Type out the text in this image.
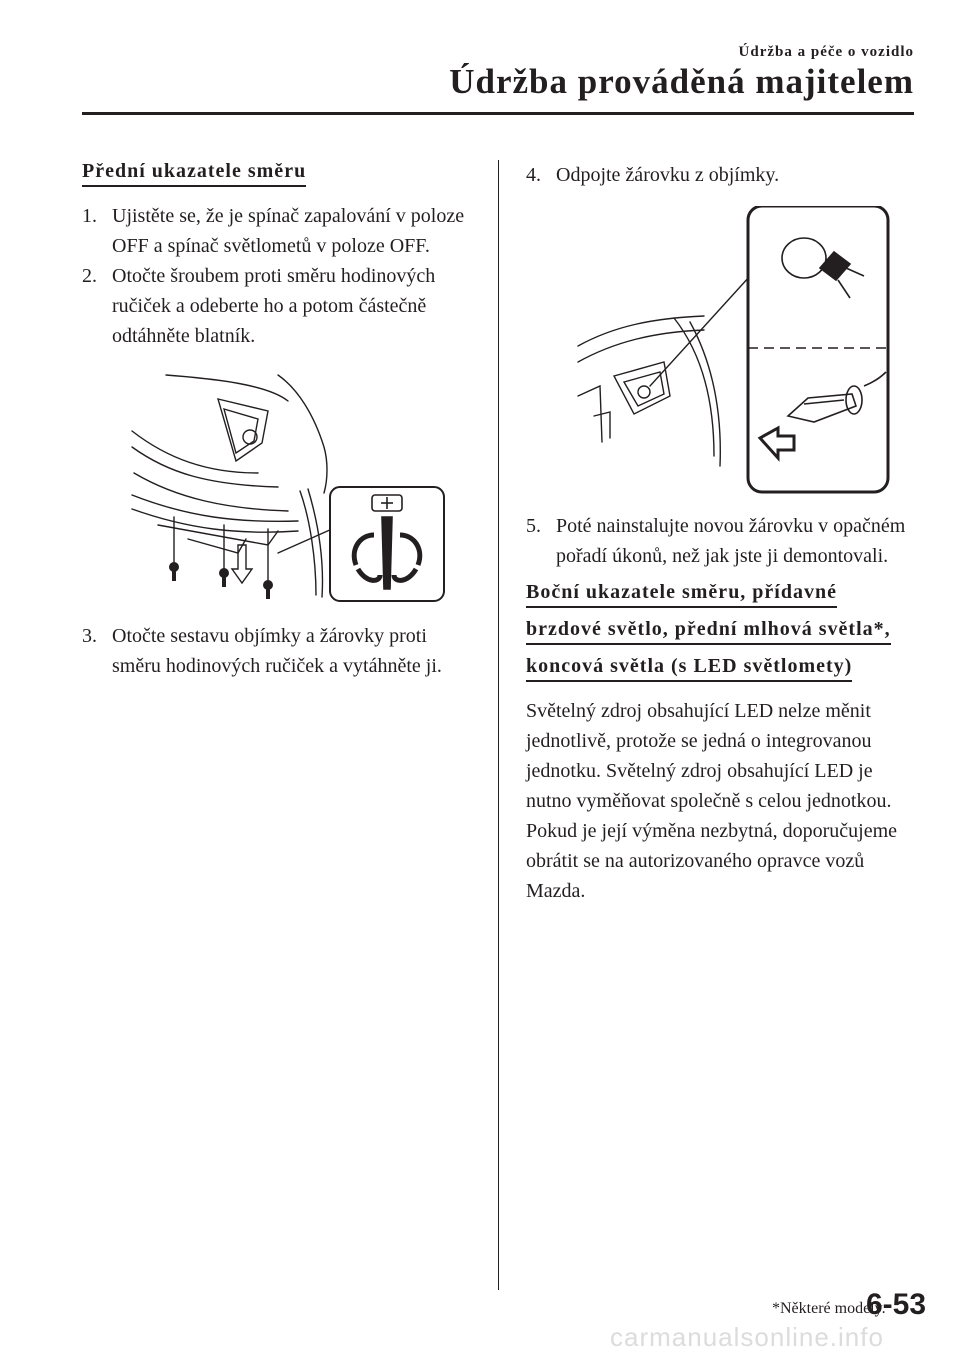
Údržba a péče o vozidlo
Údržba prováděná majitelem
Přední ukazatele směru
1. Ujistěte se, že je spínač zapalování v poloze OFF a spínač světlometů v poloze OFF.
2. Otočte šroubem proti směru hodinových ručiček a odeberte ho a potom částečně odtáhněte blatník.
3. Otočte sestavu objímky a žárovky proti směru hodinových ručiček a vytáhněte ji.
4. Odpojte žárovku z objímky.
5. Poté nainstalujte novou žárovku v opačném pořadí úkonů, než jak jste ji demontovali.
Boční ukazatele směru, přídavné
brzdové světlo, přední mlhová světla*,
koncová světla (s LED světlomety)

Světelný zdroj obsahující LED nelze měnit jednotlivě, protože se jedná o integrovanou jednotku. Světelný zdroj obsahující LED je nutno vyměňovat společně s celou jednotkou. Pokud je její výměna nezbytná, doporučujeme obrátit se na autorizovaného opravce vozů Mazda.

*Některé modely.
6-53
carmanualsonline.info
